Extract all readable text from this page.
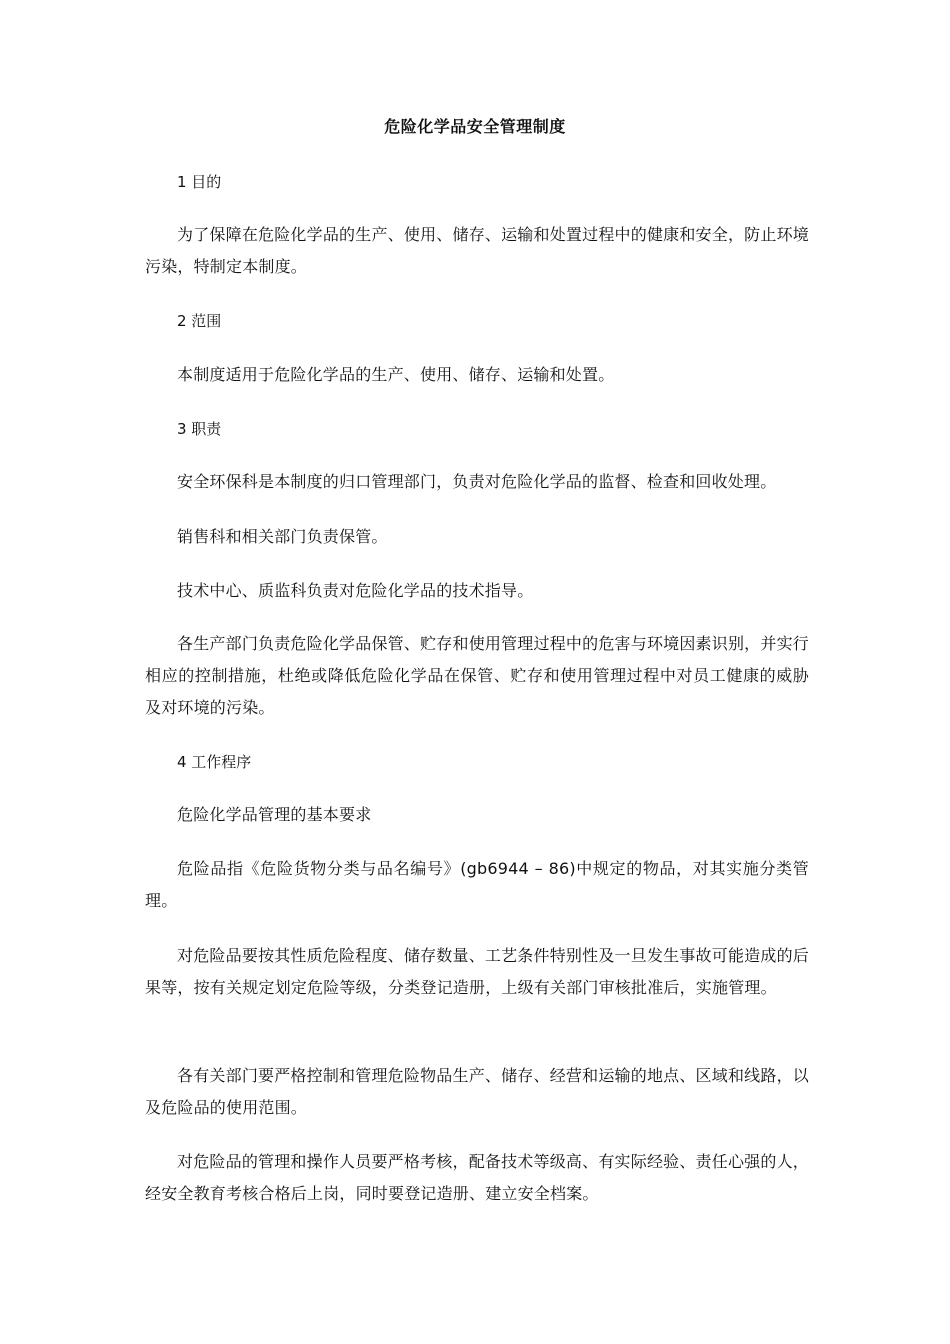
危险化学品安全管理制度

1 目的

为了保障在危险化学品的生产、使用、储存、运输和处置过程中的健康和安全，防止环境污染，特制定本制度。

2 范围

本制度适用于危险化学品的生产、使用、储存、运输和处置。

3 职责

安全环保科是本制度的归口管理部门，负责对危险化学品的监督、检查和回收处理。

销售科和相关部门负责保管。

技术中心、质监科负责对危险化学品的技术指导。

各生产部门负责危险化学品保管、贮存和使用管理过程中的危害与环境因素识别，并实行相应的控制措施，杜绝或降低危险化学品在保管、贮存和使用管理过程中对员工健康的威胁及对环境的污染。

4 工作程序

危险化学品管理的基本要求

危险品指《危险货物分类与品名编号》(gb6944 – 86)中规定的物品，对其实施分类管理。

对危险品要按其性质危险程度、储存数量、工艺条件特别性及一旦发生事故可能造成的后果等，按有关规定划定危险等级，分类登记造册，上级有关部门审核批准后，实施管理。

各有关部门要严格控制和管理危险物品生产、储存、经营和运输的地点、区域和线路，以及危险品的使用范围。

对危险品的管理和操作人员要严格考核，配备技术等级高、有实际经验、责任心强的人，经安全教育考核合格后上岗，同时要登记造册、建立安全档案。
